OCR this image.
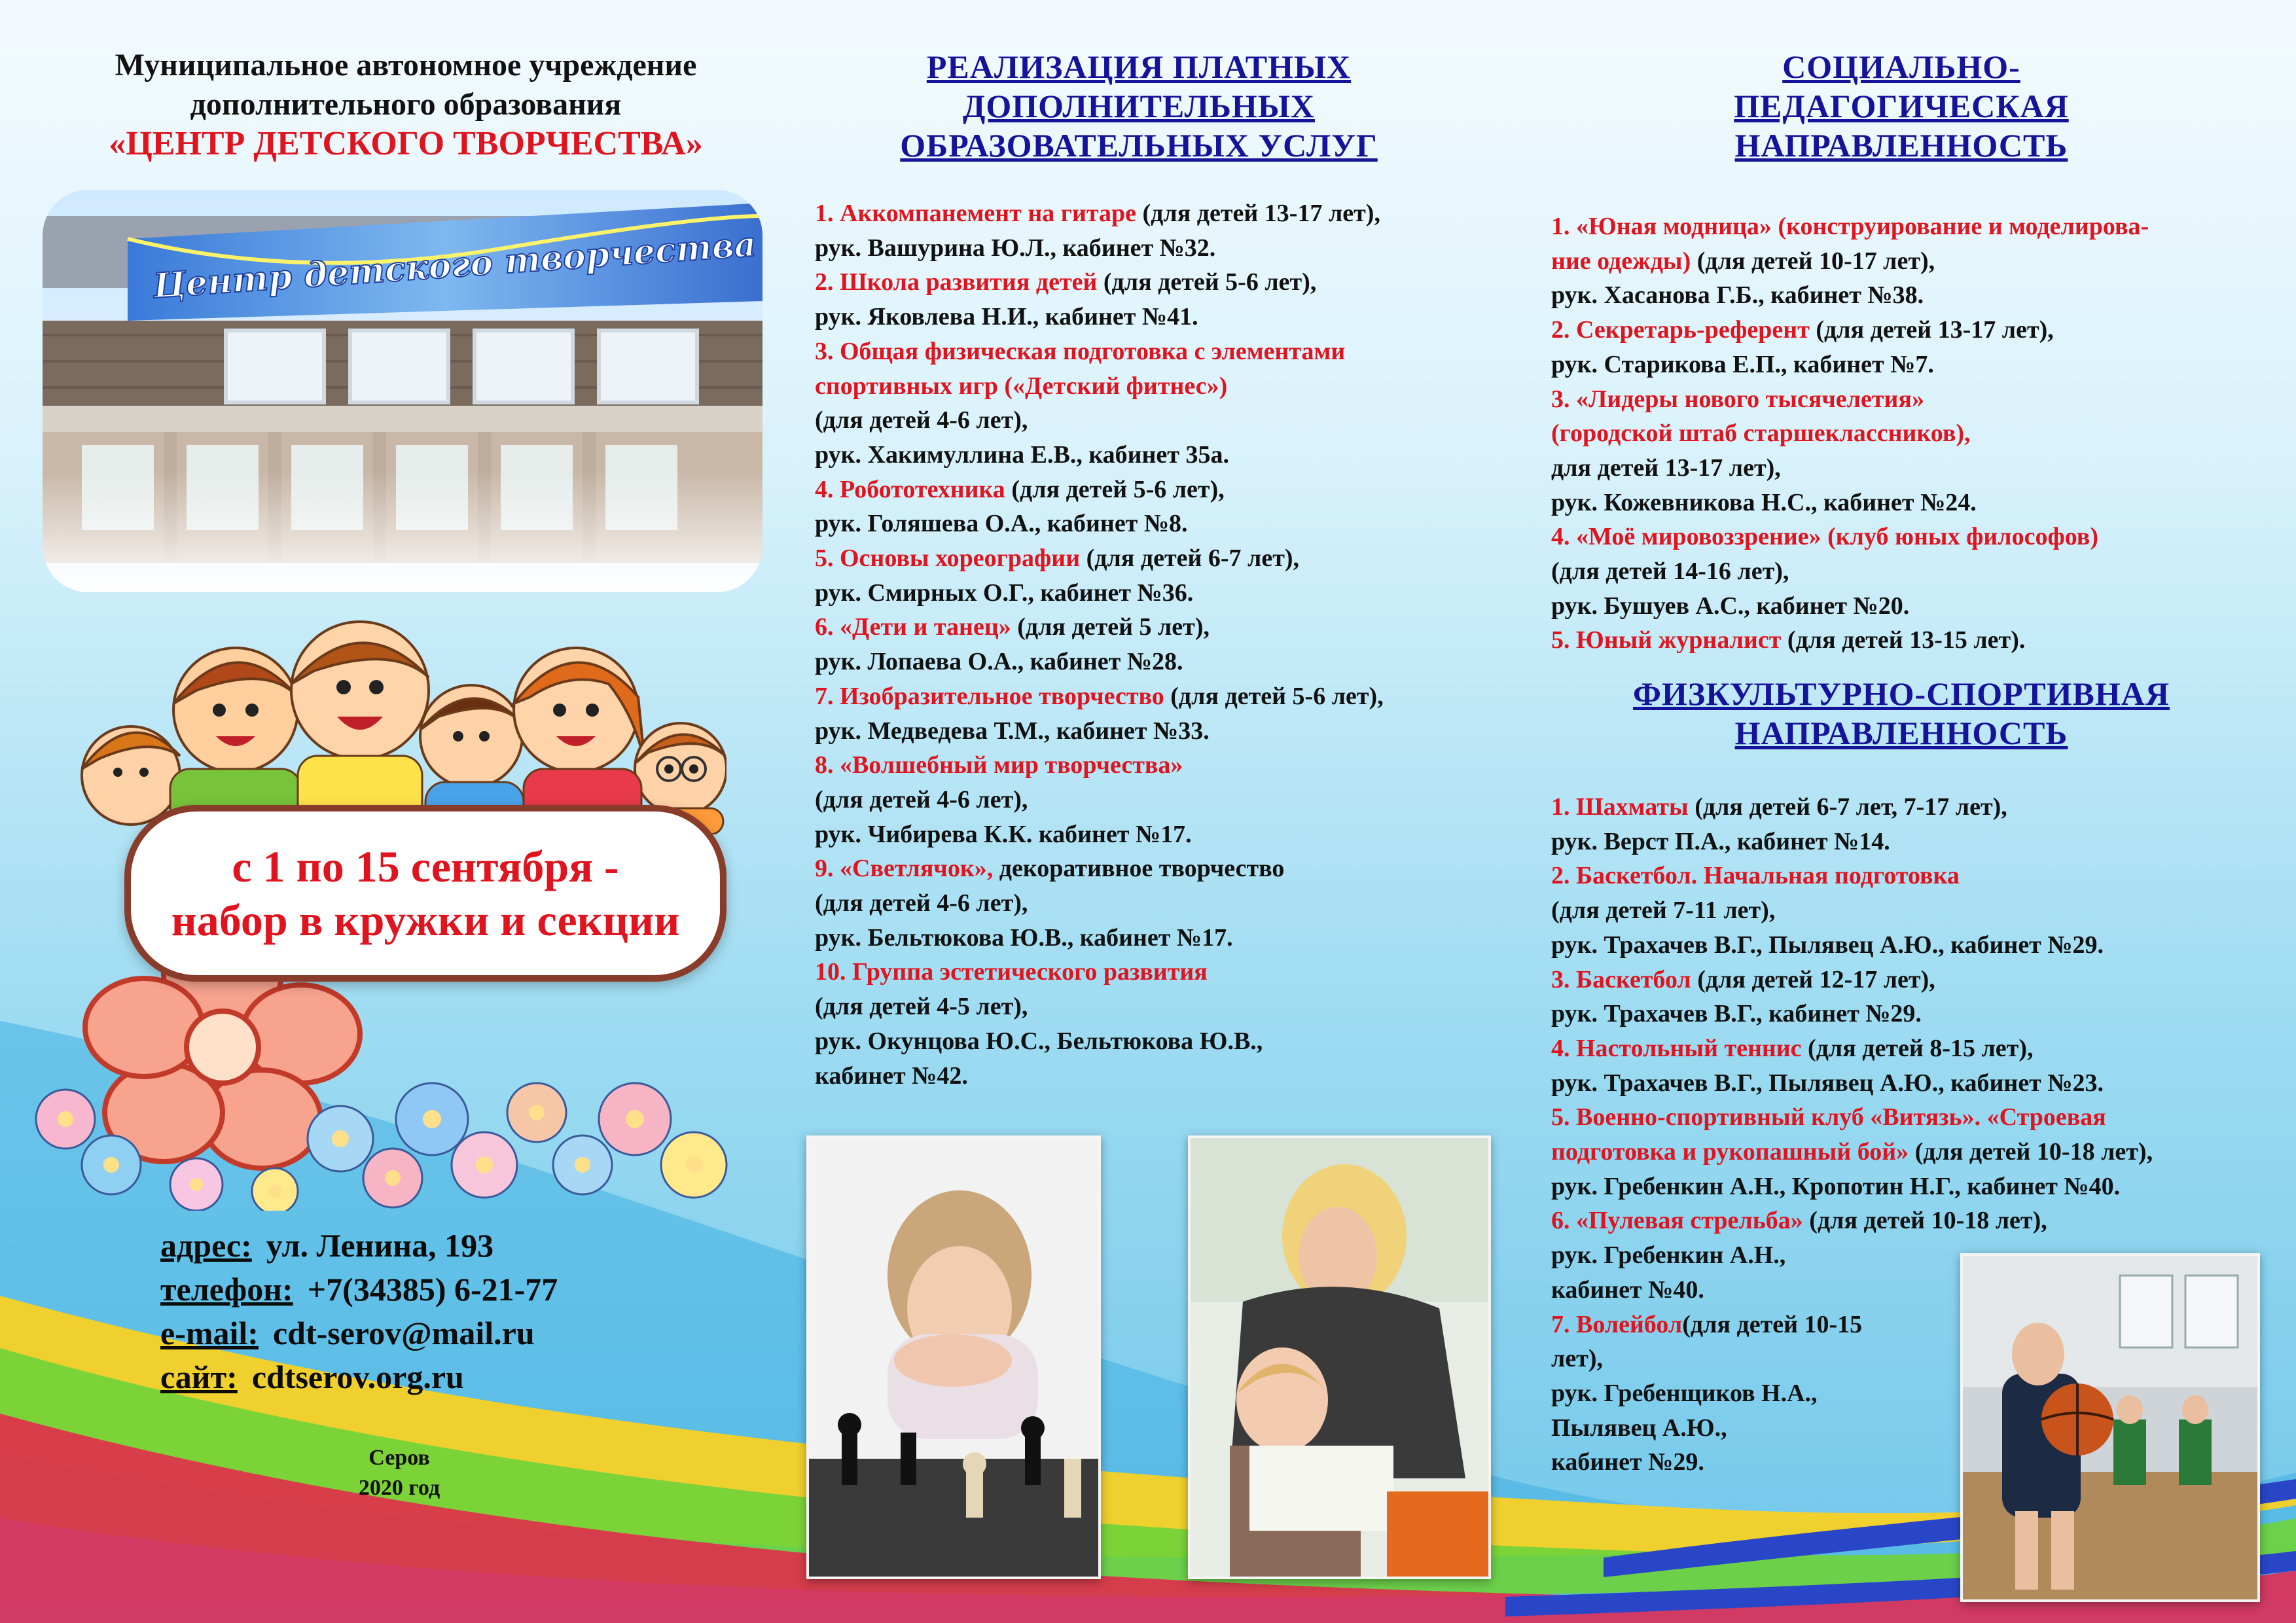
Муниципальное автономное учреждение
дополнительного образования
«ЦЕНТР ДЕТСКОГО ТВОРЧЕСТВА»
с 1 по 15 сентября -
набор в кружки и секции
адрес: ул. Ленина, 193
телефон: +7(34385) 6-21-77
e-mail: cdt-serov@mail.ru
сайт: cdtserov.org.ru
Серов
2020 год
РЕАЛИЗАЦИЯ ПЛАТНЫХ
ДОПОЛНИТЕЛЬНЫХ
ОБРАЗОВАТЕЛЬНЫХ УСЛУГ

1. Аккомпанемент на гитаре (для детей 13-17 лет),

рук. Вашурина Ю.Л., кабинет №32.

2. Школа развития детей (для детей 5-6 лет),

рук. Яковлева Н.И., кабинет №41.

3. Общая физическая подготовка с элементами

спортивных игр («Детский фитнес»)

(для детей 4-6 лет),

рук. Хакимуллина Е.В., кабинет 35а.

4. Робототехника (для детей 5-6 лет),

рук. Голяшева О.А., кабинет №8.

5. Основы хореографии (для детей 6-7 лет),

рук. Смирных О.Г., кабинет №36.

6. «Дети и танец» (для детей 5 лет),

рук. Лопаева О.А., кабинет №28.

7. Изобразительное творчество (для детей 5-6 лет),

рук. Медведева Т.М., кабинет №33.

8. «Волшебный мир творчества»

(для детей 4-6 лет),

рук. Чибирева К.К. кабинет №17.

9. «Светлячок», декоративное творчество

(для детей 4-6 лет),

рук. Бельтюкова Ю.В., кабинет №17.

10. Группа эстетического развития

(для детей 4-5 лет),

рук. Окунцова Ю.С., Бельтюкова Ю.В.,

кабинет №42.

СОЦИАЛЬНО-
ПЕДАГОГИЧЕСКАЯ
НАПРАВЛЕННОСТЬ

1. «Юная модница» (конструирование и моделирова-

ние одежды) (для детей 10-17 лет),

рук. Хасанова Г.Б., кабинет №38.

2. Секретарь-референт (для детей 13-17 лет),

рук. Старикова Е.П., кабинет №7.

3. «Лидеры нового тысячелетия»

(городской штаб старшеклассников),

для детей 13-17 лет),

рук. Кожевникова Н.С., кабинет №24.

4. «Моё мировоззрение» (клуб юных философов)

(для детей 14-16 лет),

рук. Бушуев А.С., кабинет №20.

5. Юный журналист (для детей 13-15 лет).

ФИЗКУЛЬТУРНО-СПОРТИВНАЯ
НАПРАВЛЕННОСТЬ

1. Шахматы (для детей 6-7 лет, 7-17 лет),

рук. Верст П.А., кабинет №14.

2. Баскетбол. Начальная подготовка

(для детей 7-11 лет),

рук. Трахачев В.Г., Пылявец А.Ю., кабинет №29.

3. Баскетбол (для детей 12-17 лет),

рук. Трахачев В.Г., кабинет №29.

4. Настольный теннис (для детей 8-15 лет),

рук. Трахачев В.Г., Пылявец А.Ю., кабинет №23.

5. Военно-спортивный клуб «Витязь». «Строевая

подготовка и рукопашный бой» (для детей 10-18 лет),

рук. Гребенкин А.Н., Кропотин Н.Г., кабинет №40.

6. «Пулевая стрельба» (для детей 10-18 лет),

рук. Гребенкин А.Н.,

кабинет №40.

7. Волейбол(для детей 10-15

лет),

рук. Гребенщиков Н.А.,

Пылявец А.Ю.,

кабинет №29.
